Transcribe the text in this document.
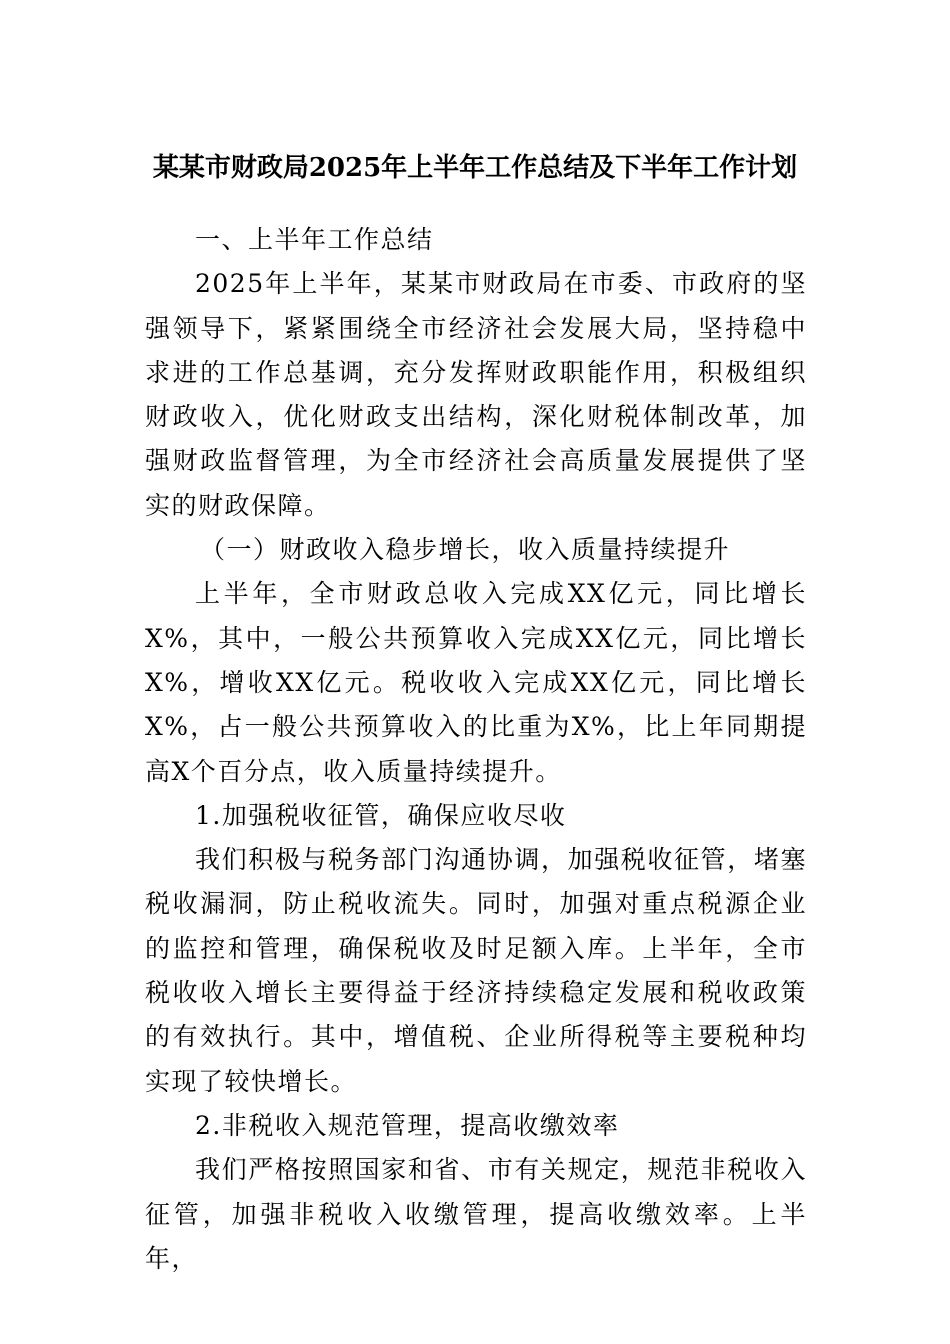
某某市财政局2025年上半年工作总结及下半年工作计划

一、上半年工作总结

2025年上半年，某某市财政局在市委、市政府的坚强领导下，紧紧围绕全市经济社会发展大局，坚持稳中求进的工作总基调，充分发挥财政职能作用，积极组织财政收入，优化财政支出结构，深化财税体制改革，加强财政监督管理，为全市经济社会高质量发展提供了坚实的财政保障。

（一）财政收入稳步增长，收入质量持续提升

上半年，全市财政总收入完成XX亿元，同比增长X%，其中，一般公共预算收入完成XX亿元，同比增长X%，增收XX亿元。税收收入完成XX亿元，同比增长X%，占一般公共预算收入的比重为X%，比上年同期提高X个百分点，收入质量持续提升。

1.加强税收征管，确保应收尽收

我们积极与税务部门沟通协调，加强税收征管，堵塞税收漏洞，防止税收流失。同时，加强对重点税源企业的监控和管理，确保税收及时足额入库。上半年，全市税收收入增长主要得益于经济持续稳定发展和税收政策的有效执行。其中，增值税、企业所得税等主要税种均实现了较快增长。

2.非税收入规范管理，提高收缴效率

我们严格按照国家和省、市有关规定，规范非税收入征管，加强非税收入收缴管理，提高收缴效率。上半年，
